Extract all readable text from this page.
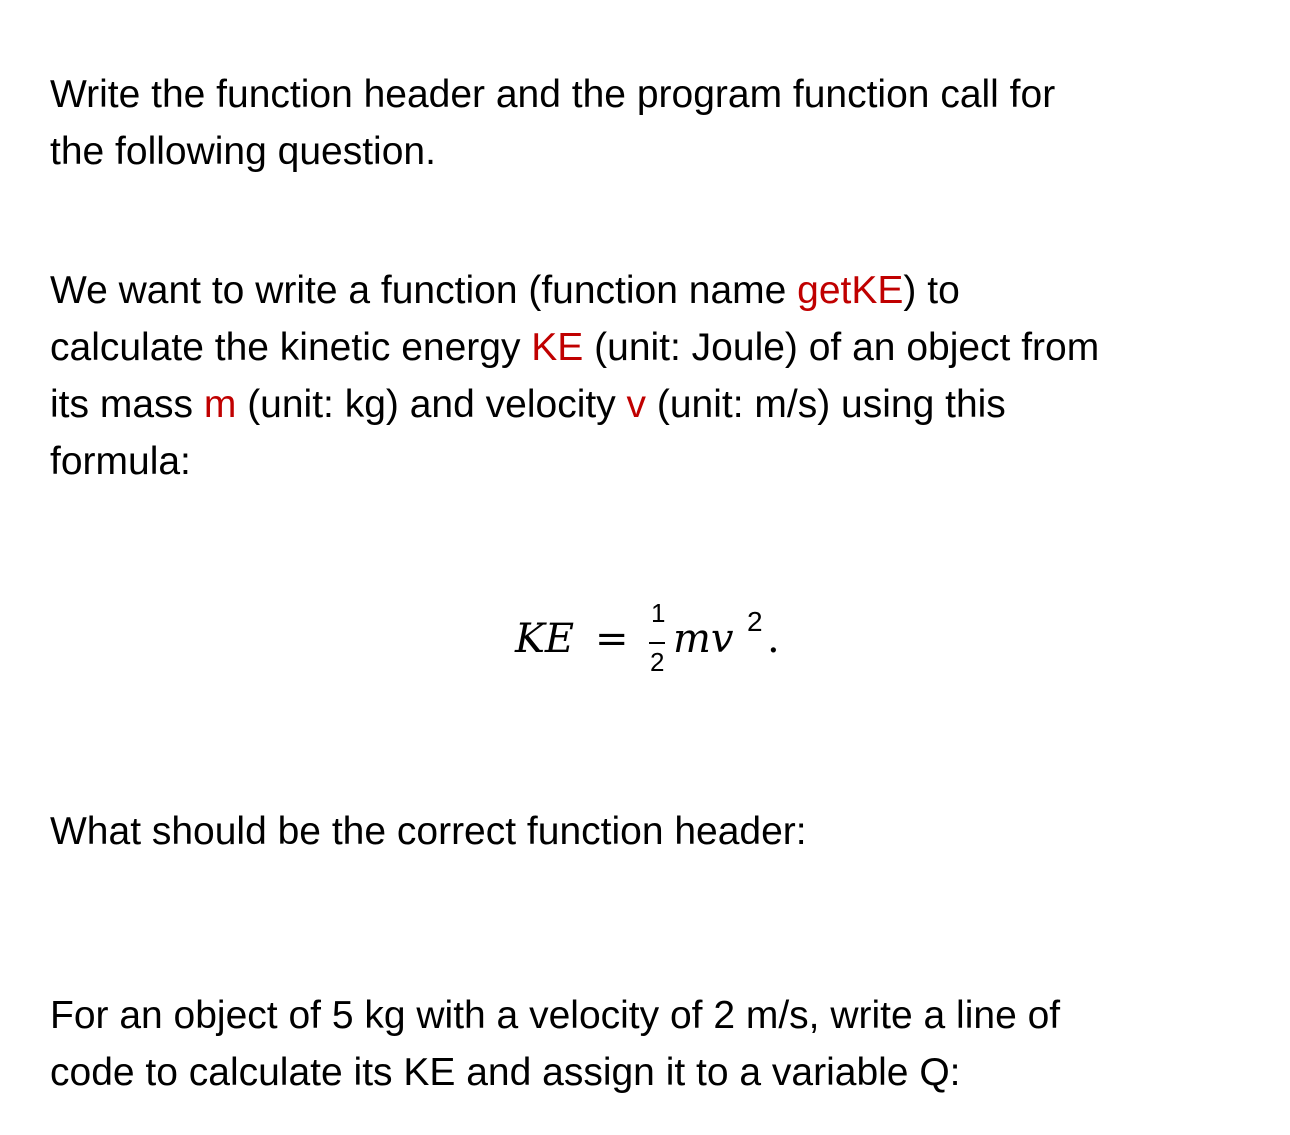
Write the function header and the program function call for
the following question.

We want to write a function (function name getKE) to
calculate the kinetic energy KE (unit: Joule) of an object from
its mass m (unit: kg) and velocity v (unit: m/s) using this
formula:

KE =
1
2 mv 2 .

What should be the correct function header:

For an object of 5 kg with a velocity of 2 m/s, write a line of
code to calculate its KE and assign it to a variable Q:
